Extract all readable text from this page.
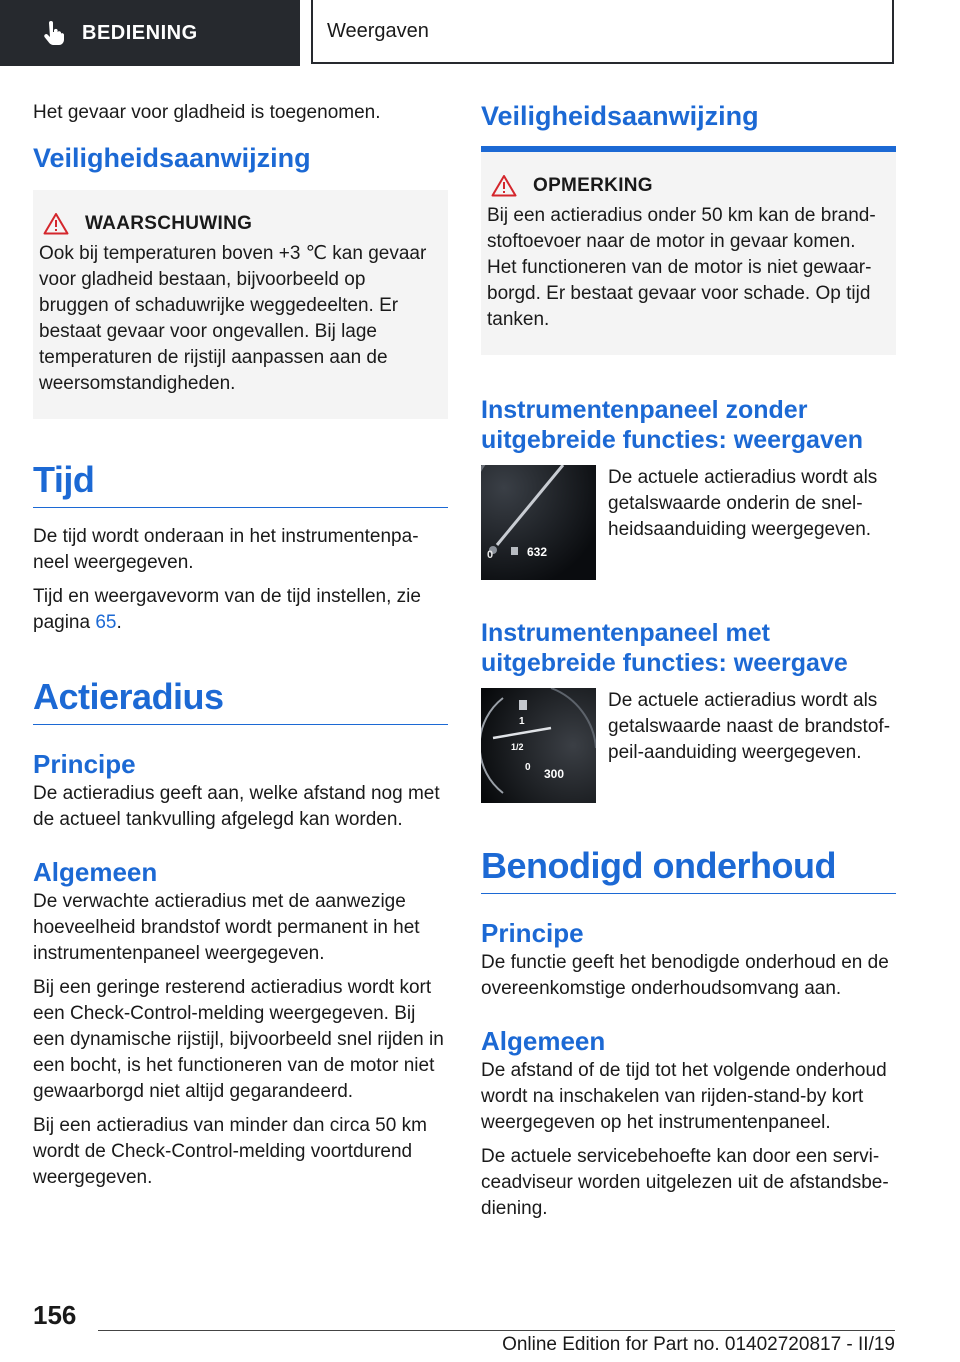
BEDIENING	Weergaven

Het gevaar voor gladheid is toegenomen.

Veiligheidsaanwijzing
WAARSCHUWING

Ook bij temperaturen boven +3 ℃ kan gevaar voor gladheid bestaan, bijvoorbeeld op bruggen of schaduwrijke weggedeelten. Er bestaat gevaar voor ongevallen. Bij lage temperaturen de rijstijl aanpassen aan de weersomstandigheden.

Tijd

De tijd wordt onderaan in het instrumentenpaneel weergegeven.

Tijd en weergavevorm van de tijd instellen, zie pagina 65.

Actieradius
Principe

De actieradius geeft aan, welke afstand nog met de actueel tankvulling afgelegd kan worden.

Algemeen

De verwachte actieradius met de aanwezige hoeveelheid brandstof wordt permanent in het instrumentenpaneel weergegeven.

Bij een geringe resterend actieradius wordt kort een Check-Control-melding weergegeven. Bij een dynamische rijstijl, bijvoorbeeld snel rijden in een bocht, is het functioneren van de motor niet gewaarborgd niet altijd gegarandeerd.

Bij een actieradius van minder dan circa 50 km wordt de Check-Control-melding voortdurend weergegeven.

Veiligheidsaanwijzing
OPMERKING

Bij een actieradius onder 50 km kan de brandstoftoevoer naar de motor in gevaar komen. Het functioneren van de motor is niet gewaarborgd. Er bestaat gevaar voor schade. Op tijd tanken.

Instrumentenpaneel zonder uitgebreide functies: weergaven
0	632

De actuele actieradius wordt als getalswaarde onderin de snelheidsaanduiding weergegeven.

Instrumentenpaneel met uitgebreide functies: weergave
1
1/2
0 300

De actuele actieradius wordt als getalswaarde naast de brandstofpeil-aanduiding weergegeven.

Benodigd onderhoud
Principe

De functie geeft het benodigde onderhoud en de overeenkomstige onderhoudsomvang aan.

Algemeen

De afstand of de tijd tot het volgende onderhoud wordt na inschakelen van rijden-stand-by kort weergegeven op het instrumentenpaneel.

De actuele servicebehoefte kan door een serviceadviseur worden uitgelezen uit de afstandsbediening.

156
Online Edition for Part no. 01402720817 - II/19
